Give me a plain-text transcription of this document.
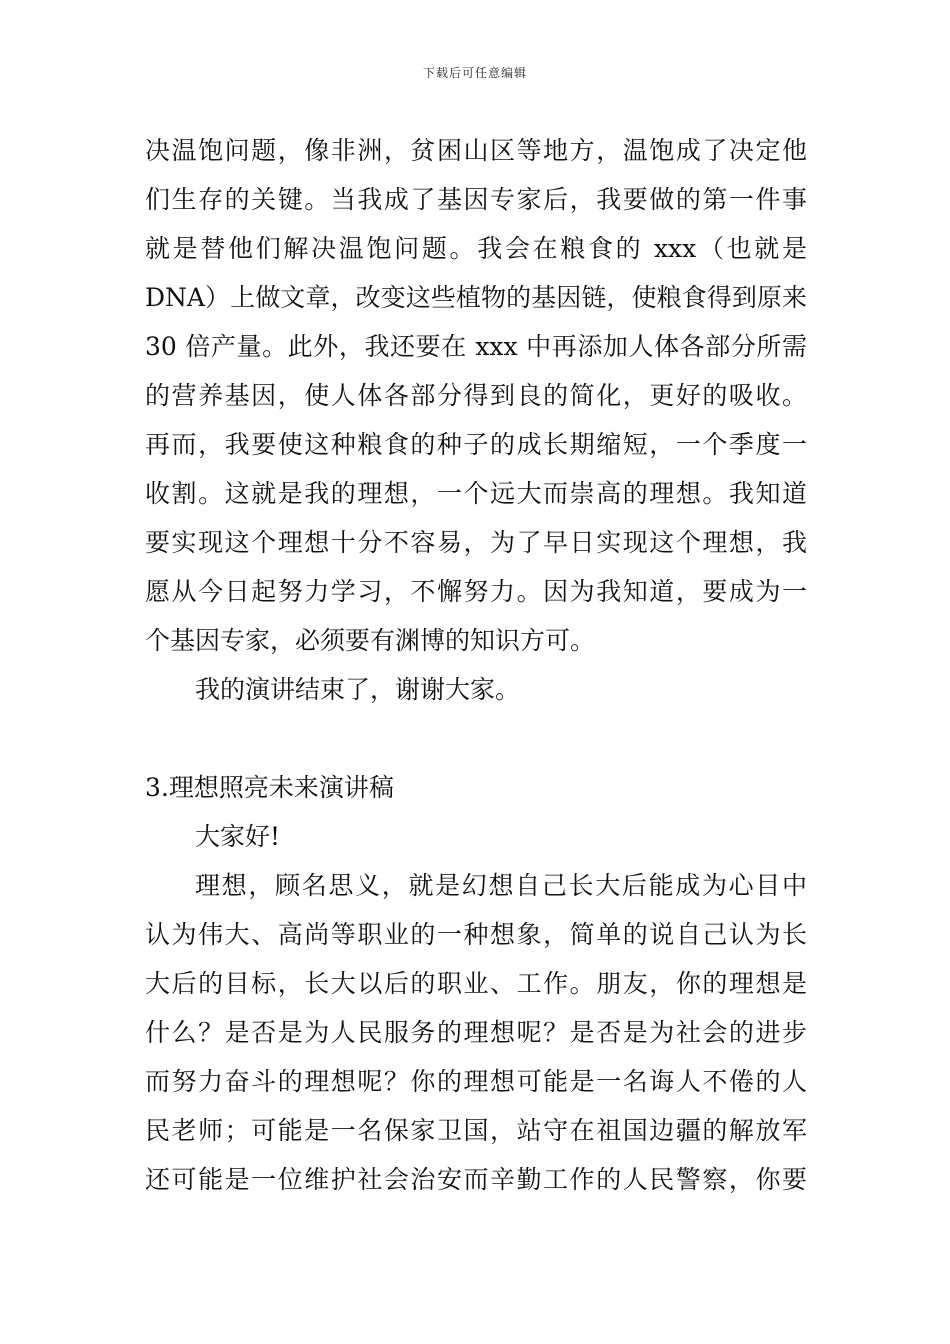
下载后可任意编辑
决温饱问题，像非洲，贫困山区等地方，温饱成了决定他
们生存的关键。当我成了基因专家后，我要做的第一件事
就是替他们解决温饱问题。我会在粮食的 xxx（也就是
DNA）上做文章，改变这些植物的基因链，使粮食得到原来
30 倍产量。此外，我还要在 xxx 中再添加人体各部分所需
的营养基因，使人体各部分得到良的简化，更好的吸收。
再而，我要使这种粮食的种子的成长期缩短，一个季度一
收割。这就是我的理想，一个远大而崇高的理想。我知道
要实现这个理想十分不容易，为了早日实现这个理想，我
愿从今日起努力学习，不懈努力。因为我知道，要成为一
个基因专家，必须要有渊博的知识方可。
我的演讲结束了，谢谢大家。
3.理想照亮未来演讲稿
大家好!
理想，顾名思义，就是幻想自己长大后能成为心目中
认为伟大、高尚等职业的一种想象，简单的说自己认为长
大后的目标，长大以后的职业、工作。朋友，你的理想是
什么？是否是为人民服务的理想呢？是否是为社会的进步
而努力奋斗的理想呢？你的理想可能是一名诲人不倦的人
民老师；可能是一名保家卫国，站守在祖国边疆的解放军
还可能是一位维护社会治安而辛勤工作的人民警察，你要
